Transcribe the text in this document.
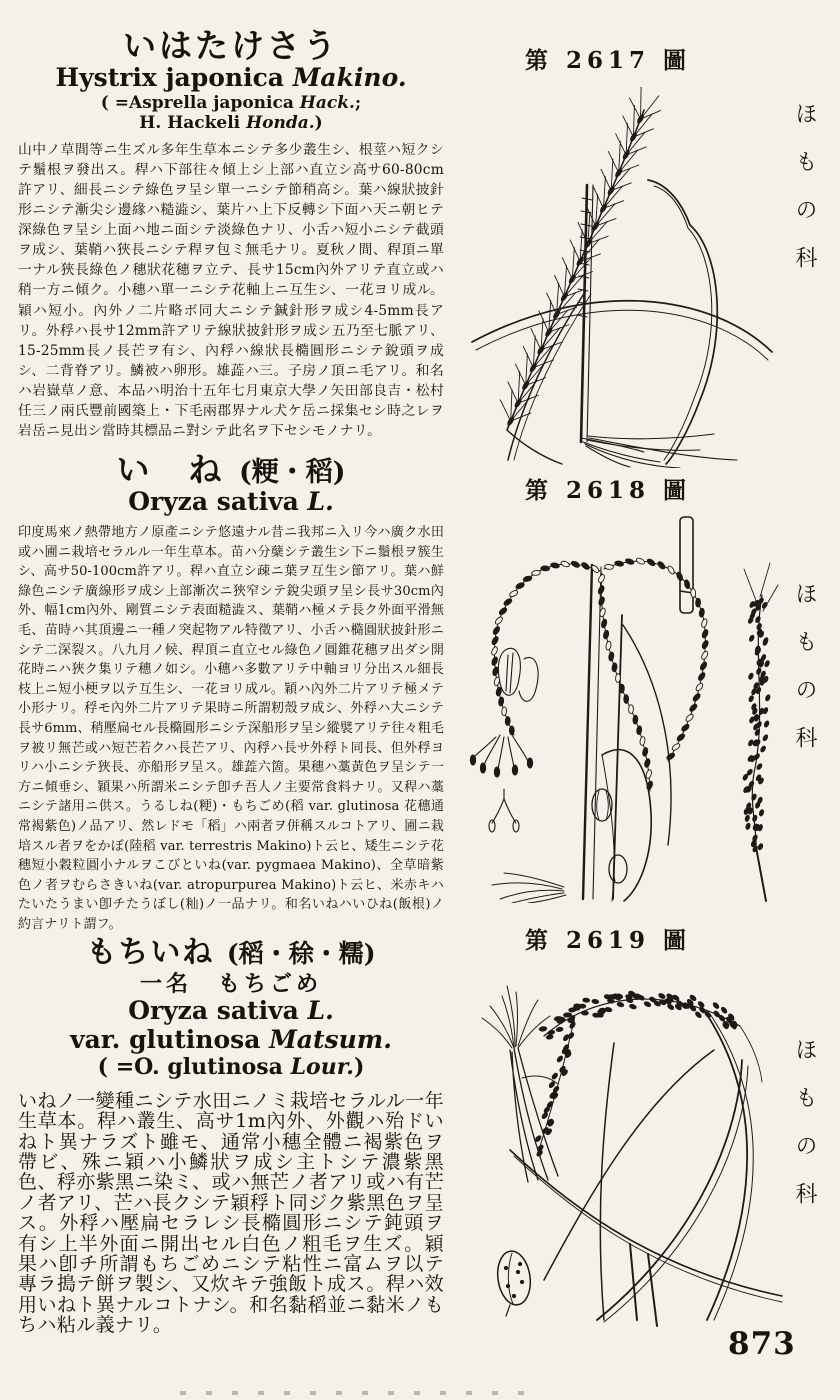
いはたけさう
Hystrix japonica Makino.
( =Asprella japonica Hack.;
H. Hackeli Honda.)
山中ノ草間等ニ生ズル多年生草本ニシテ多少叢生シ、根莖ハ短クシテ鬚根ヲ發出ス。稈ハ下部往々傾上シ上部ハ直立シ高サ60-80cm許アリ、細長ニシテ綠色ヲ呈シ單一ニシテ節稍高シ。葉ハ線狀披針形ニシテ漸尖シ邊緣ハ糙澁シ、葉片ハ上下反轉シ下面ハ天ニ朝ヒテ深綠色ヲ呈シ上面ハ地ニ面シテ淡綠色ナリ、小舌ハ短小ニシテ截頭ヲ成シ、葉鞘ハ狹長ニシテ稈ヲ包ミ無毛ナリ。夏秋ノ間、稈頂ニ單一ナル狹長綠色ノ穗狀花穗ヲ立テ、長サ15cm內外アリテ直立或ハ稍一方ニ傾ク。小穗ハ單一ニシテ花軸上ニ互生シ、一花ヨリ成ル。穎ハ短小。內外ノ二片略ボ同大ニシテ鍼針形ヲ成シ4-5mm長アリ。外稃ハ長サ12mm許アリテ線狀披針形ヲ成シ五乃至七脈アリ、15-25mm長ノ長芒ヲ有シ、內稃ハ線狀長橢圓形ニシテ銳頭ヲ成シ、二背脊アリ。鱗被ハ卵形。雄蕋ハ三。子房ノ頂ニ毛アリ。和名ハ岩嶽草ノ意、本品ハ明治十五年七月東京大學ノ矢田部良吉・松村任三ノ兩氏豐前國築上・下毛兩郡界ナル犬ケ岳ニ採集セシ時之レヲ岩岳ニ見出シ當時其標品ニ對シテ此名ヲ下セシモノナリ。
い　ね (粳・稻)
Oryza sativa L.
印度馬來ノ熱帶地方ノ原產ニシテ悠遠ナル昔ニ我邦ニ入リ今ハ廣ク水田或ハ圃ニ栽培セラルル一年生草本。苗ハ分蘖シテ叢生シ下ニ鬚根ヲ簇生シ、高サ50-100cm許アリ。稈ハ直立シ疎ニ葉ヲ互生シ節アリ。葉ハ鮮綠色ニシテ廣線形ヲ成シ上部漸次ニ狹窄シテ銳尖頭ヲ呈シ長サ30cm內外、幅1cm內外、剛質ニシテ表面糙澁ス、葉鞘ハ極メテ長ク外面平滑無毛、苗時ハ其頂邊ニ一種ノ突起物アル特徵アリ、小舌ハ橢圓狀披針形ニシテ二深裂ス。八九月ノ候、稈頂ニ直立セル綠色ノ圓錐花穗ヲ出ダシ開花時ニハ狹ク集リテ穗ノ如シ。小穗ハ多數アリテ中軸ヨリ分出スル細長枝上ニ短小梗ヲ以テ互生シ、一花ヨリ成ル。穎ハ內外二片アリテ極メテ小形ナリ。稃モ內外二片アリテ果時ニ所謂籾殼ヲ成シ、外稃ハ大ニシテ長サ6mm、稍壓扁セル長橢圓形ニシテ深船形ヲ呈シ縱襞アリテ往々粗毛ヲ被リ無芒或ハ短芒若クハ長芒アリ、內稃ハ長サ外稃ト同長、但外稃ヨリハ小ニシテ狹長、亦船形ヲ呈ス。雄蕋六箇。果穗ハ藁黃色ヲ呈シテ一方ニ傾垂シ、穎果ハ所謂米ニシテ卽チ吾人ノ主要常食料ナリ。又稈ハ藁ニシテ諸用ニ供ス。うるしね(粳)・もちごめ(稻 var. glutinosa 花穗通常褐紫色)ノ品アリ、然レドモ「稻」ハ兩者ヲ併稱スルコトアリ、圃ニ栽培スル者ヲをかぼ(陸稻 var. terrestris Makino)ト云ヒ、矮生ニシテ花穗短小穀粒圓小ナルヲこびといね(var. pygmaea Makino)、全草暗紫色ノ者ヲむらさきいね(var. atropurpurea Makino)ト云ヒ、米赤キハたいたうまい卽チたうぼし(籼)ノ一品ナリ。和名いねハいひね(飯根)ノ約言ナリト謂フ。
もちいね (稻・稌・糯)
一名　もちごめ
Oryza sativa L.
var. glutinosa Matsum.
( =O. glutinosa Lour.)
いねノ一變種ニシテ水田ニノミ栽培セラルル一年生草本。稈ハ叢生、高サ1m內外、外觀ハ殆ドいねト異ナラズト雖モ、通常小穗全體ニ褐紫色ヲ帶ビ、殊ニ穎ハ小鱗狀ヲ成シ主トシテ濃紫黑色、稃亦紫黑ニ染ミ、或ハ無芒ノ者アリ或ハ有芒ノ者アリ、芒ハ長クシテ穎稃ト同ジク紫黑色ヲ呈ス。外稃ハ壓扁セラレシ長橢圓形ニシテ鈍頭ヲ有シ上半外面ニ開出セル白色ノ粗毛ヲ生ズ。穎果ハ卽チ所謂もちごめニシテ粘性ニ富ムヲ以テ專ラ搗テ餅ヲ製シ、又炊キテ強飯ト成ス。稈ハ效用いねト異ナルコトナシ。和名黏稻並ニ黏米ノもちハ粘ル義ナリ。
第 2617 圖
第 2618 圖
第 2619 圖
ほもの科
ほもの科
ほもの科
873
